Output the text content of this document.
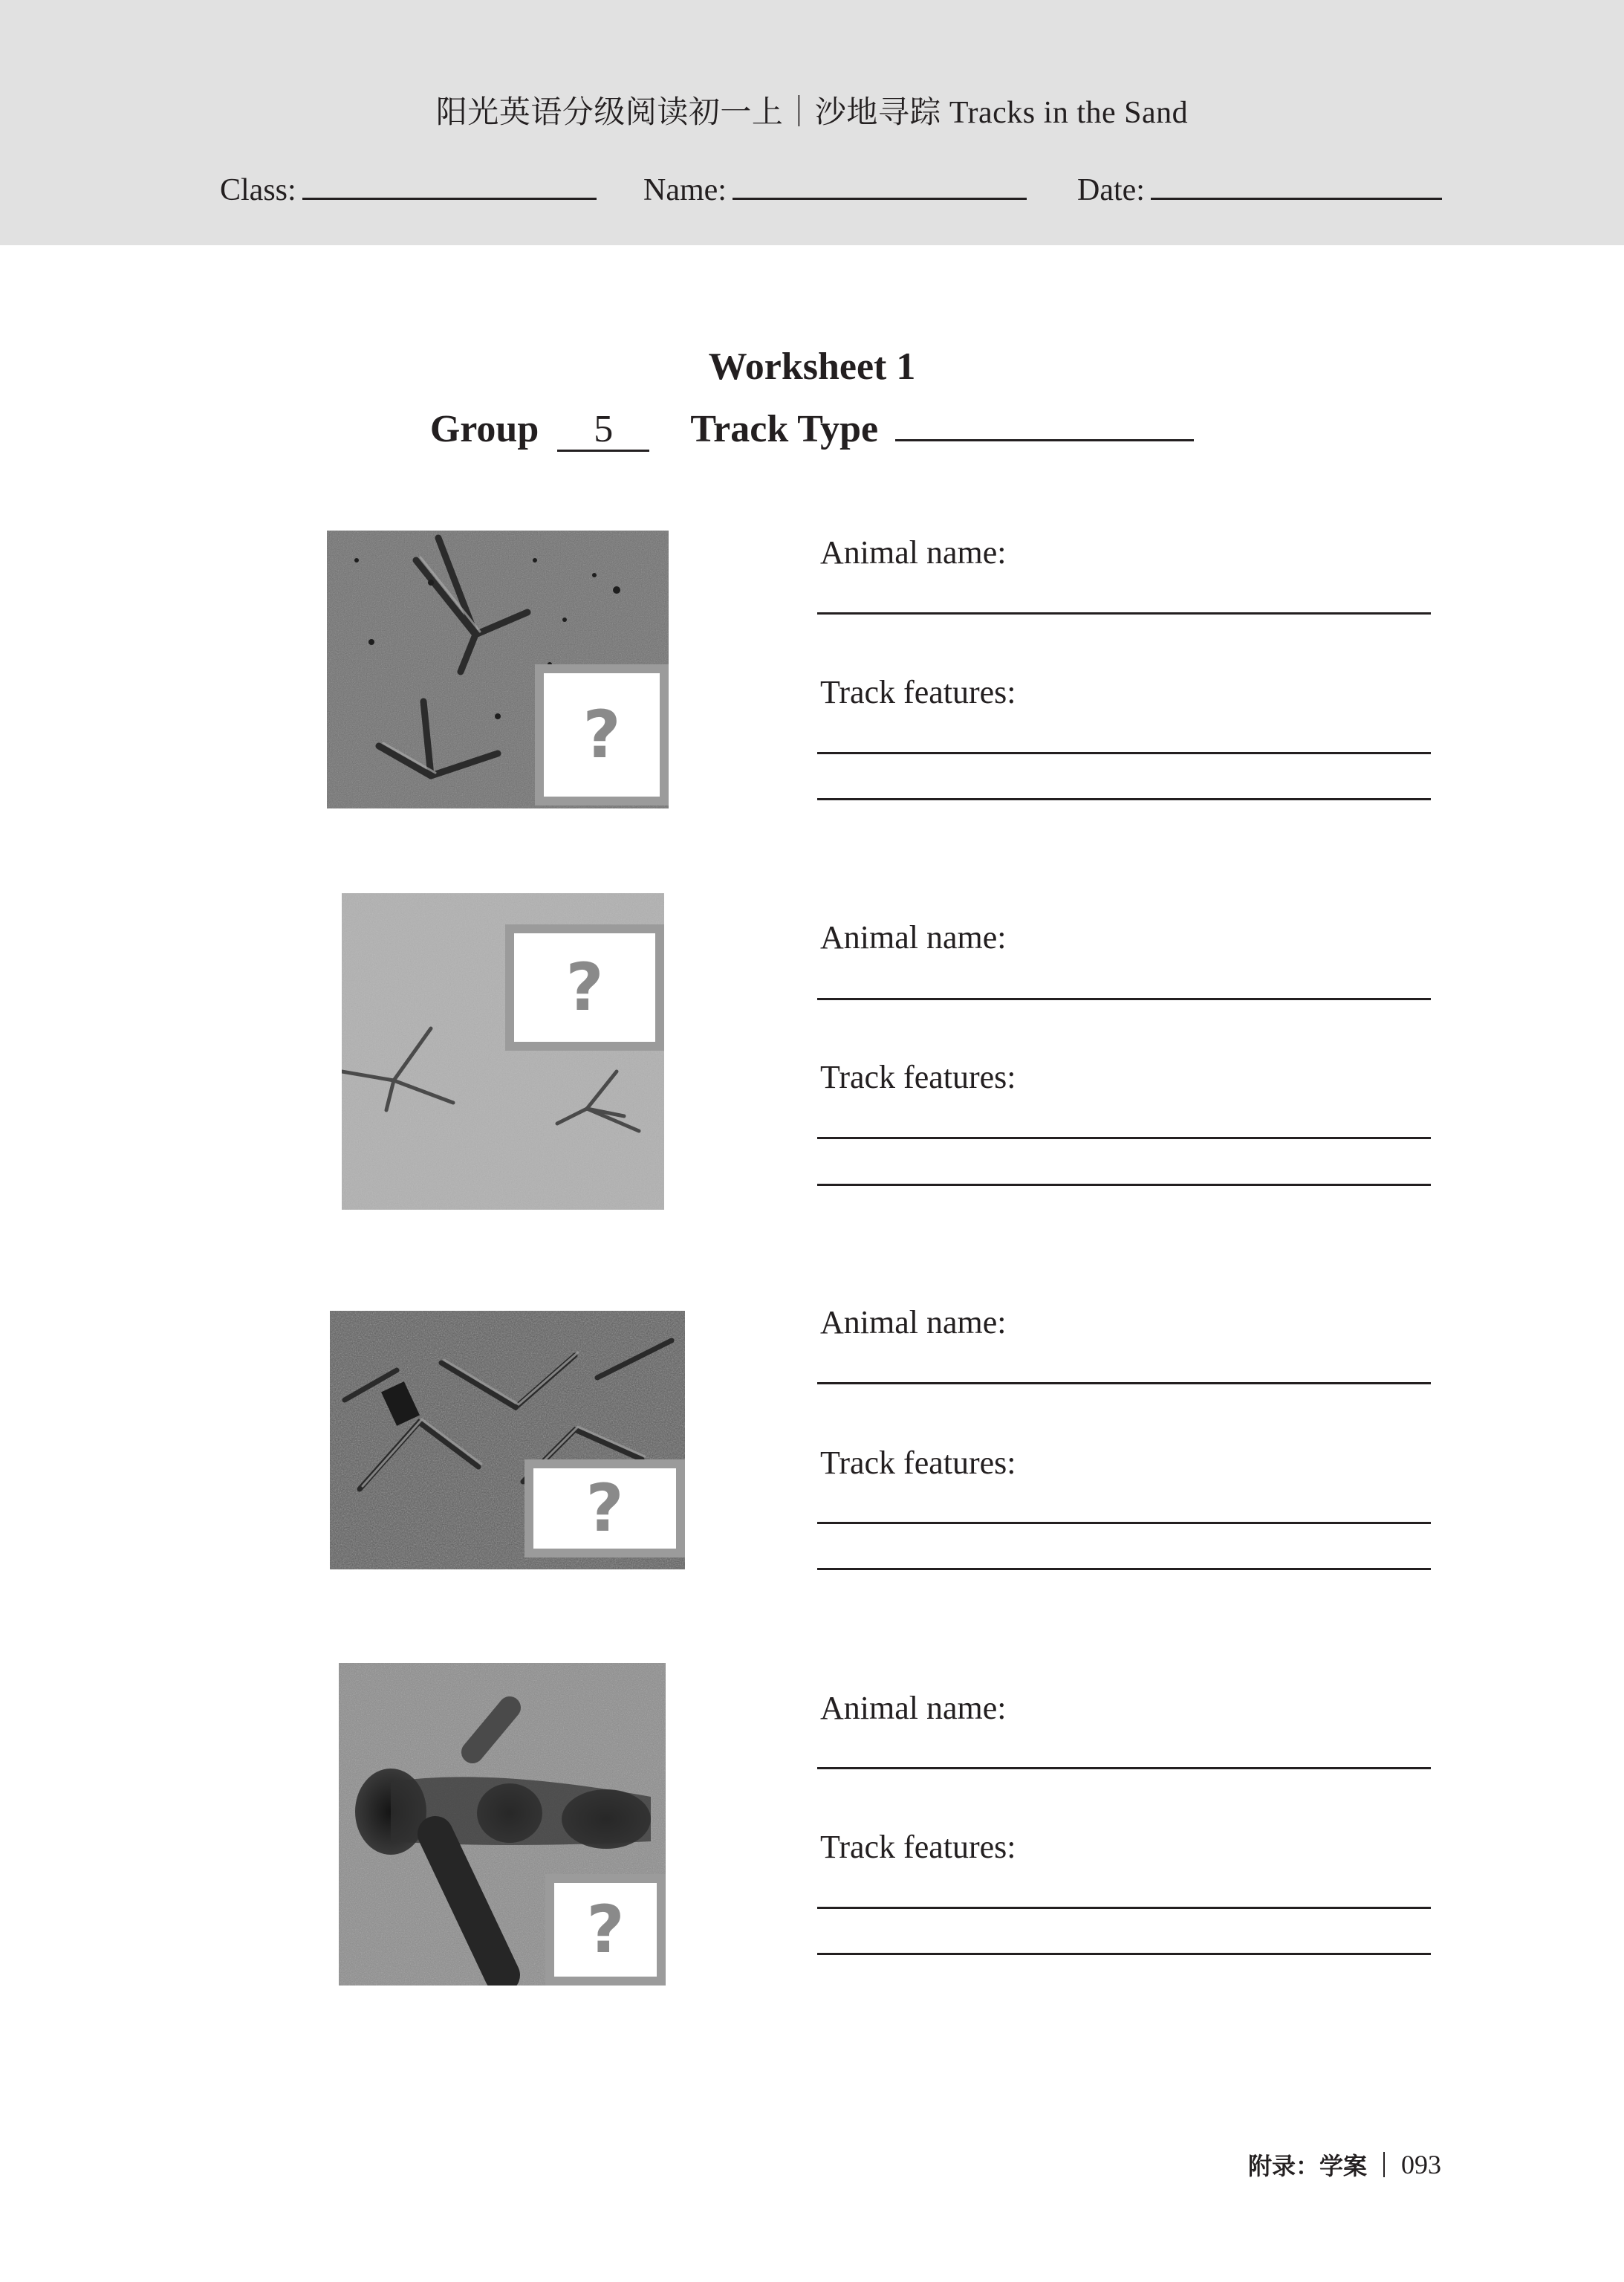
阳光英语分级阅读初一上｜沙地寻踪 Tracks in the Sand
Class:	Name:	Date:
Worksheet 1
Group 5 Track Type
?
?
?
?
Animal name:
Track features:
Animal name:
Track features:
Animal name:
Track features:
Animal name:
Track features:
附录：学案 093
